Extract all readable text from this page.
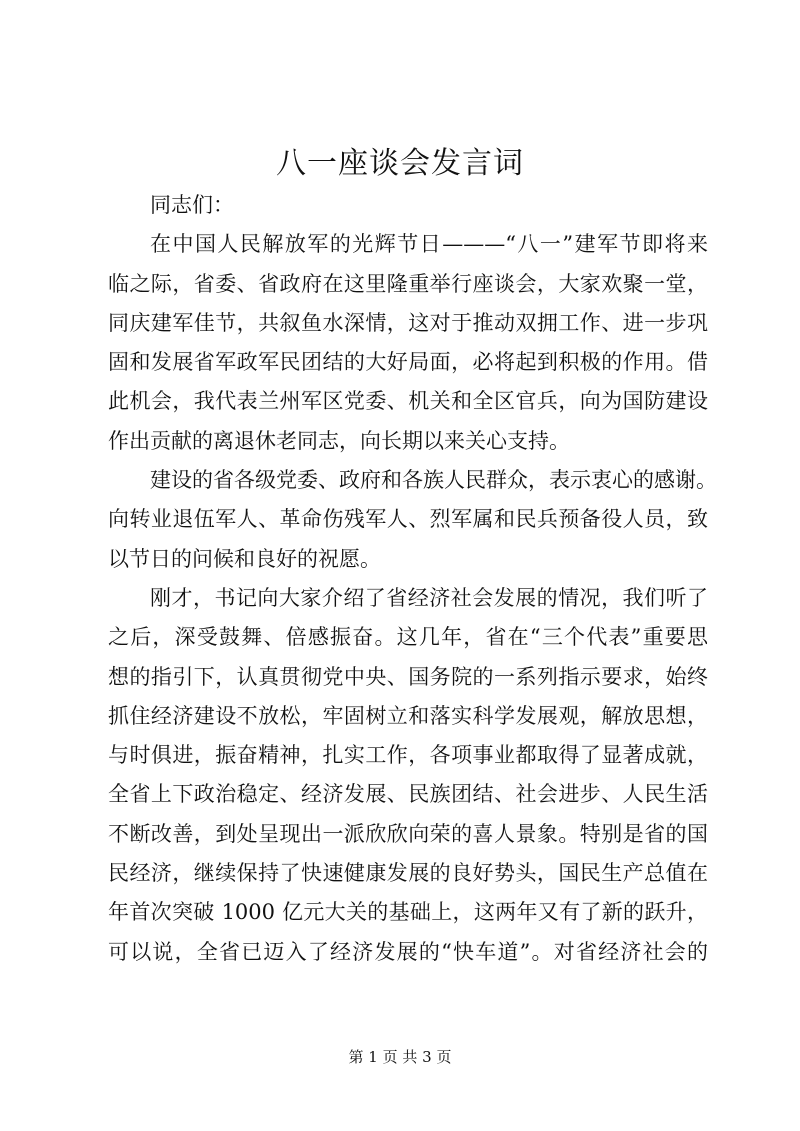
八一座谈会发言词
同志们：
在中国人民解放军的光辉节日———“八一”建军节即将来
临之际，省委、省政府在这里隆重举行座谈会，大家欢聚一堂，
同庆建军佳节，共叙鱼水深情，这对于推动双拥工作、进一步巩
固和发展省军政军民团结的大好局面，必将起到积极的作用。借
此机会，我代表兰州军区党委、机关和全区官兵，向为国防建设
作出贡献的离退休老同志，向长期以来关心支持。
建设的省各级党委、政府和各族人民群众，表示衷心的感谢。
向转业退伍军人、革命伤残军人、烈军属和民兵预备役人员，致
以节日的问候和良好的祝愿。
刚才，书记向大家介绍了省经济社会发展的情况，我们听了
之后，深受鼓舞、倍感振奋。这几年，省在“三个代表”重要思
想的指引下，认真贯彻党中央、国务院的一系列指示要求，始终
抓住经济建设不放松，牢固树立和落实科学发展观，解放思想，
与时俱进，振奋精神，扎实工作，各项事业都取得了显著成就，
全省上下政治稳定、经济发展、民族团结、社会进步、人民生活
不断改善，到处呈现出一派欣欣向荣的喜人景象。特别是省的国
民经济，继续保持了快速健康发展的良好势头，国民生产总值在
年首次突破 1000 亿元大关的基础上，这两年又有了新的跃升，
可以说，全省已迈入了经济发展的“快车道”。对省经济社会的
第 1 页 共 3 页
